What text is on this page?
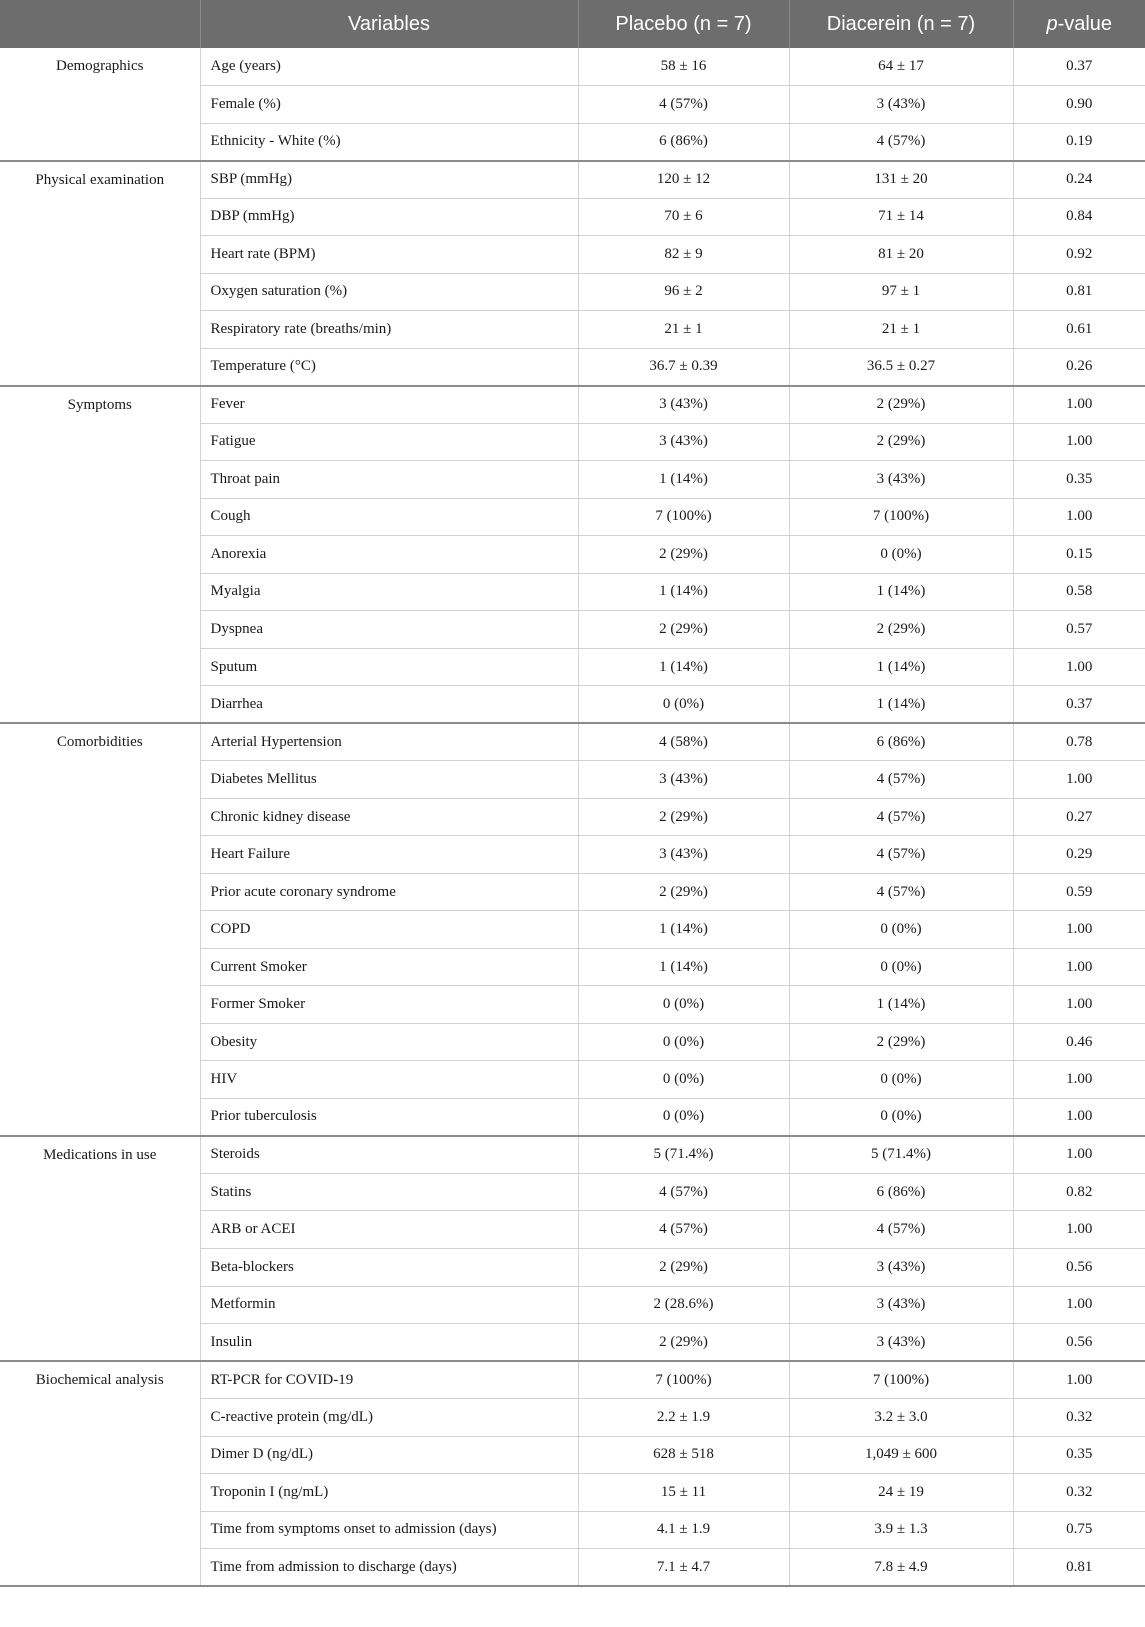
	Variables	Placebo (n = 7)	Diacerein (n = 7)	p-value
Demographics	Age (years)	58 ± 16	64 ± 17	0.37
	Female (%)	4 (57%)	3 (43%)	0.90
	Ethnicity - White (%)	6 (86%)	4 (57%)	0.19
Physical examination	SBP (mmHg)	120 ± 12	131 ± 20	0.24
	DBP (mmHg)	70 ± 6	71 ± 14	0.84
	Heart rate (BPM)	82 ± 9	81 ± 20	0.92
	Oxygen saturation (%)	96 ± 2	97 ± 1	0.81
	Respiratory rate (breaths/min)	21 ± 1	21 ± 1	0.61
	Temperature (°C)	36.7 ± 0.39	36.5 ± 0.27	0.26
Symptoms	Fever	3 (43%)	2 (29%)	1.00
	Fatigue	3 (43%)	2 (29%)	1.00
	Throat pain	1 (14%)	3 (43%)	0.35
	Cough	7 (100%)	7 (100%)	1.00
	Anorexia	2 (29%)	0 (0%)	0.15
	Myalgia	1 (14%)	1 (14%)	0.58
	Dyspnea	2 (29%)	2 (29%)	0.57
	Sputum	1 (14%)	1 (14%)	1.00
	Diarrhea	0 (0%)	1 (14%)	0.37
Comorbidities	Arterial Hypertension	4 (58%)	6 (86%)	0.78
	Diabetes Mellitus	3 (43%)	4 (57%)	1.00
	Chronic kidney disease	2 (29%)	4 (57%)	0.27
	Heart Failure	3 (43%)	4 (57%)	0.29
	Prior acute coronary syndrome	2 (29%)	4 (57%)	0.59
	COPD	1 (14%)	0 (0%)	1.00
	Current Smoker	1 (14%)	0 (0%)	1.00
	Former Smoker	0 (0%)	1 (14%)	1.00
	Obesity	0 (0%)	2 (29%)	0.46
	HIV	0 (0%)	0 (0%)	1.00
	Prior tuberculosis	0 (0%)	0 (0%)	1.00
Medications in use	Steroids	5 (71.4%)	5 (71.4%)	1.00
	Statins	4 (57%)	6 (86%)	0.82
	ARB or ACEI	4 (57%)	4 (57%)	1.00
	Beta-blockers	2 (29%)	3 (43%)	0.56
	Metformin	2 (28.6%)	3 (43%)	1.00
	Insulin	2 (29%)	3 (43%)	0.56
Biochemical analysis	RT-PCR for COVID-19	7 (100%)	7 (100%)	1.00
	C-reactive protein (mg/dL)	2.2 ± 1.9	3.2 ± 3.0	0.32
	Dimer D (ng/dL)	628 ± 518	1,049 ± 600	0.35
	Troponin I (ng/mL)	15 ± 11	24 ± 19	0.32
	Time from symptoms onset to admission (days)	4.1 ± 1.9	3.9 ± 1.3	0.75
	Time from admission to discharge (days)	7.1 ± 4.7	7.8 ± 4.9	0.81
